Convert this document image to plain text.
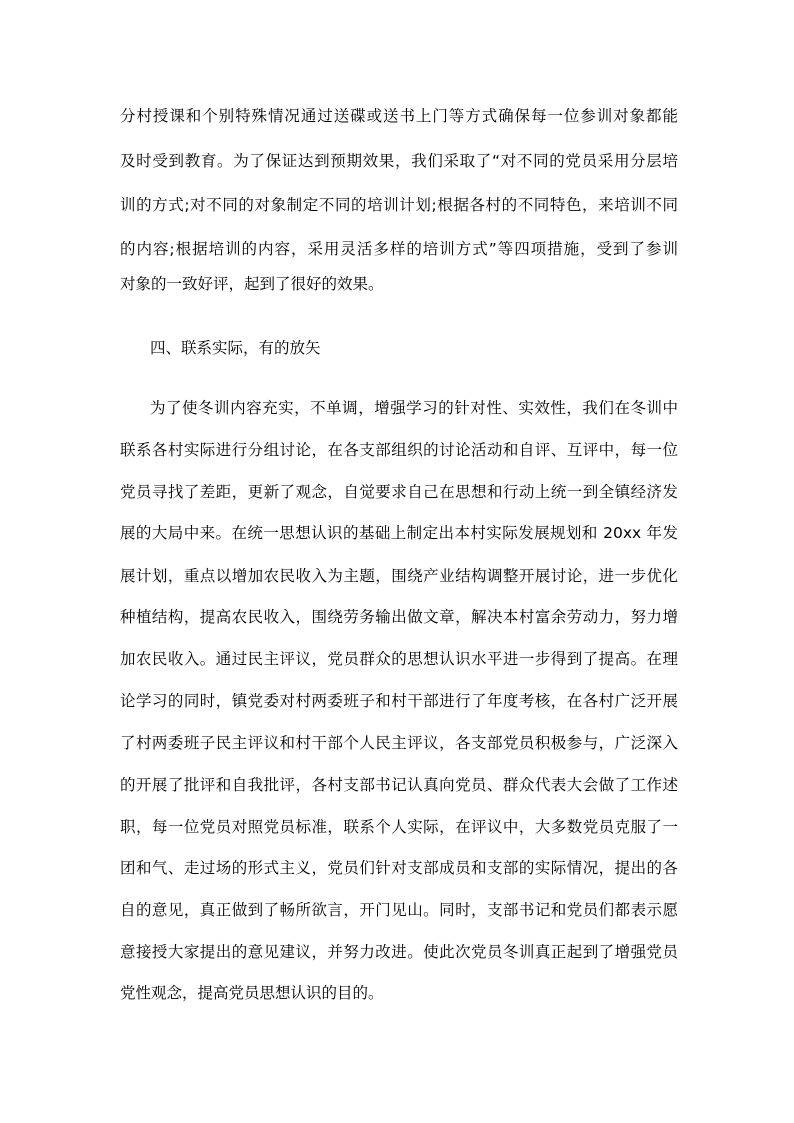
分村授课和个别特殊情况通过送碟或送书上门等方式确保每一位参训对象都能
及时受到教育。为了保证达到预期效果，我们采取了“对不同的党员采用分层培
训的方式;对不同的对象制定不同的培训计划;根据各村的不同特色，来培训不同
的内容;根据培训的内容，采用灵活多样的培训方式”等四项措施，受到了参训
对象的一致好评，起到了很好的效果。
四、联系实际，有的放矢
为了使冬训内容充实，不单调，增强学习的针对性、实效性，我们在冬训中
联系各村实际进行分组讨论，在各支部组织的讨论活动和自评、互评中，每一位
党员寻找了差距，更新了观念，自觉要求自己在思想和行动上统一到全镇经济发
展的大局中来。在统一思想认识的基础上制定出本村实际发展规划和 20xx 年发
展计划，重点以增加农民收入为主题，围绕产业结构调整开展讨论，进一步优化
种植结构，提高农民收入，围绕劳务输出做文章，解决本村富余劳动力，努力增
加农民收入。通过民主评议，党员群众的思想认识水平进一步得到了提高。在理
论学习的同时，镇党委对村两委班子和村干部进行了年度考核，在各村广泛开展
了村两委班子民主评议和村干部个人民主评议，各支部党员积极参与，广泛深入
的开展了批评和自我批评，各村支部书记认真向党员、群众代表大会做了工作述
职，每一位党员对照党员标准，联系个人实际，在评议中，大多数党员克服了一
团和气、走过场的形式主义，党员们针对支部成员和支部的实际情况，提出的各
自的意见，真正做到了畅所欲言，开门见山。同时，支部书记和党员们都表示愿
意接授大家提出的意见建议，并努力改进。使此次党员冬训真正起到了增强党员
党性观念，提高党员思想认识的目的。
